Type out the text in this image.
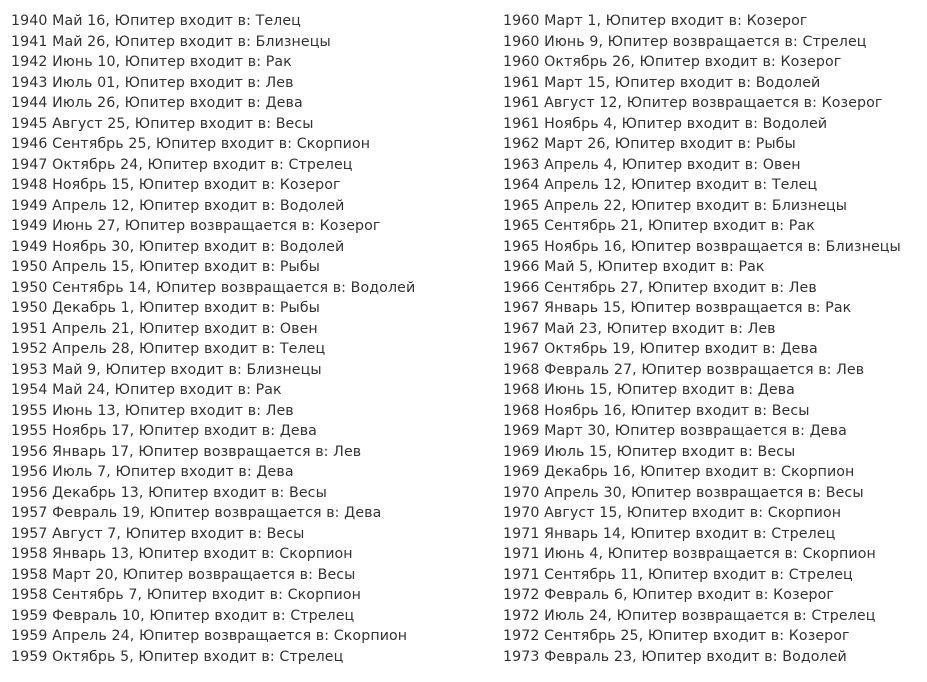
1940 Май 16, Юпитер входит в: Телец
1941 Май 26, Юпитер входит в: Близнецы
1942 Июнь 10, Юпитер входит в: Рак
1943 Июль 01, Юпитер входит в: Лев
1944 Июль 26, Юпитер входит в: Дева
1945 Август 25, Юпитер входит в: Весы
1946 Сентябрь 25, Юпитер входит в: Скорпион
1947 Октябрь 24, Юпитер входит в: Стрелец
1948 Ноябрь 15, Юпитер входит в: Козерог
1949 Апрель 12, Юпитер входит в: Водолей
1949 Июнь 27, Юпитер возвращается в: Козерог
1949 Ноябрь 30, Юпитер входит в: Водолей
1950 Апрель 15, Юпитер входит в: Рыбы
1950 Сентябрь 14, Юпитер возвращается в: Водолей
1950 Декабрь 1, Юпитер входит в: Рыбы
1951 Апрель 21, Юпитер входит в: Овен
1952 Апрель 28, Юпитер входит в: Телец
1953 Май 9, Юпитер входит в: Близнецы
1954 Май 24, Юпитер входит в: Рак
1955 Июнь 13, Юпитер входит в: Лев
1955 Ноябрь 17, Юпитер входит в: Дева
1956 Январь 17, Юпитер возвращается в: Лев
1956 Июль 7, Юпитер входит в: Дева
1956 Декабрь 13, Юпитер входит в: Весы
1957 Февраль 19, Юпитер возвращается в: Дева
1957 Август 7, Юпитер входит в: Весы
1958 Январь 13, Юпитер входит в: Скорпион
1958 Март 20, Юпитер возвращается в: Весы
1958 Сентябрь 7, Юпитер входит в: Скорпион
1959 Февраль 10, Юпитер входит в: Стрелец
1959 Апрель 24, Юпитер возвращается в: Скорпион
1959 Октябрь 5, Юпитер входит в: Стрелец
1960 Март 1, Юпитер входит в: Козерог
1960 Июнь 9, Юпитер возвращается в: Стрелец
1960 Октябрь 26, Юпитер входит в: Козерог
1961 Март 15, Юпитер входит в: Водолей
1961 Август 12, Юпитер возвращается в: Козерог
1961 Ноябрь 4, Юпитер входит в: Водолей
1962 Март 26, Юпитер входит в: Рыбы
1963 Апрель 4, Юпитер входит в: Овен
1964 Апрель 12, Юпитер входит в: Телец
1965 Апрель 22, Юпитер входит в: Близнецы
1965 Сентябрь 21, Юпитер входит в: Рак
1965 Ноябрь 16, Юпитер возвращается в: Близнецы
1966 Май 5, Юпитер входит в: Рак
1966 Сентябрь 27, Юпитер входит в: Лев
1967 Январь 15, Юпитер возвращается в: Рак
1967 Май 23, Юпитер входит в: Лев
1967 Октябрь 19, Юпитер входит в: Дева
1968 Февраль 27, Юпитер возвращается в: Лев
1968 Июнь 15, Юпитер входит в: Дева
1968 Ноябрь 16, Юпитер входит в: Весы
1969 Март 30, Юпитер возвращается в: Дева
1969 Июль 15, Юпитер входит в: Весы
1969 Декабрь 16, Юпитер входит в: Скорпион
1970 Апрель 30, Юпитер возвращается в: Весы
1970 Август 15, Юпитер входит в: Скорпион
1971 Январь 14, Юпитер входит в: Стрелец
1971 Июнь 4, Юпитер возвращается в: Скорпион
1971 Сентябрь 11, Юпитер входит в: Стрелец
1972 Февраль 6, Юпитер входит в: Козерог
1972 Июль 24, Юпитер возвращается в: Стрелец
1972 Сентябрь 25, Юпитер входит в: Козерог
1973 Февраль 23, Юпитер входит в: Водолей
